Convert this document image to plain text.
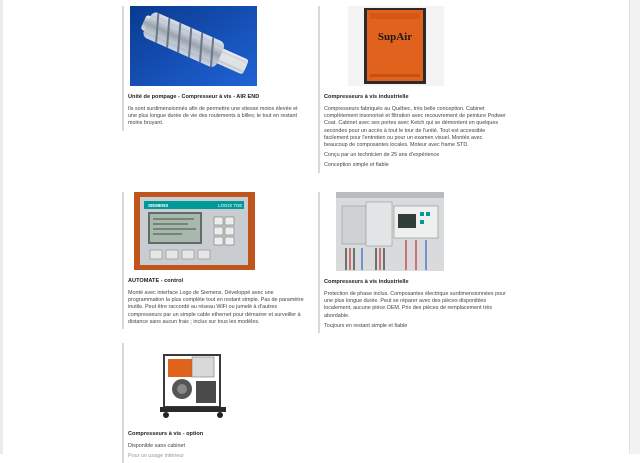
Unité de pompage - Compresseur à vis - AIR END

Ils sont surdimensionnés afin de permettre une vitesse moins élevée et une plus longue durée de vie des roulements à billes; le tout en restant moins bruyant.

SupAir
Compresseurs à vis industrielle

Compresseurs fabriqués au Québec, très belle conception. Cabinet complètement insonorisé et filtration avec recouvrement de peinture Podwer Coat. Cabinet avec ses portes avec Ketch qui se démontent en quelques secondes pour un accès à tout le tour de l'unité. Tout est accessible facilement pour l'entretien ou pour un examen visuel. Montés avec beaucoup de composantes locales. Moteur avec frame STD.

Conçu par un technicien de 25 ans d'expérience

Conception simple et fiable

SIEMENS	LOGO! TDE
AUTOMATE - control

Monté avec interface Logo de Siemens. Développé avec une programmation la plus complète tout en restant simple. Pas de paramètre inutile. Peut être raccordé au réseau WiFi ou jumelé à d'autres compresseurs par un simple cable ethernet pour démarrer et surveiller à distance sans aucun frais ; inclus sur tous les modèles.

Compresseurs à vis industrielle

Protection de phase inclus. Composantes électrique surdimensionnées pour une plus longue durée. Peut se réparer avec des pièces disponibles localement, aucune pièce OEM. Prix des pièces de remplacement très abordable.

Toujours en restant simple et fiable

Compresseurs à vis - option

Disponible sans cabinet

Pour un usage intérieur
